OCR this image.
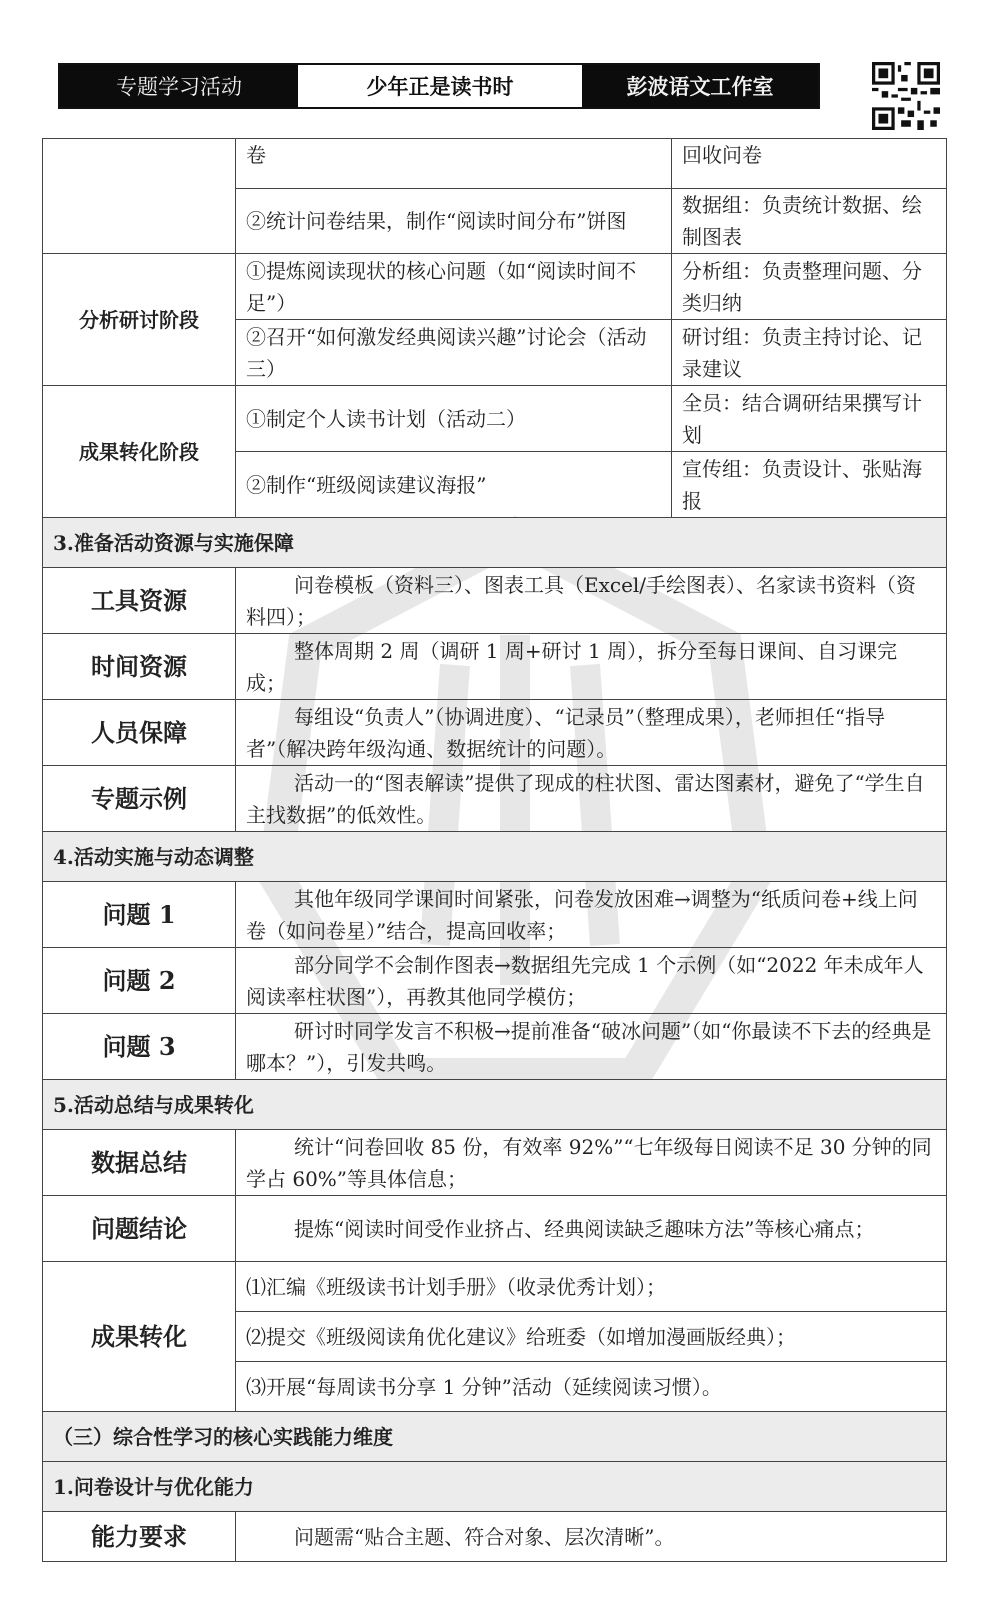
专题学习活动	少年正是读书时	彭波语文工作室
	卷	回收问卷
	②统计问卷结果，制作“阅读时间分布”饼图	数据组：负责统计数据、绘制图表
分析研讨阶段	①提炼阅读现状的核心问题（如“阅读时间不足”）	分析组：负责整理问题、分类归纳
	②召开“如何激发经典阅读兴趣”讨论会（活动三）	研讨组：负责主持讨论、记录建议
成果转化阶段	①制定个人读书计划（活动二）	全员：结合调研结果撰写计划
	②制作“班级阅读建议海报”	宣传组：负责设计、张贴海报
3.准备活动资源与实施保障		
工具资源	问卷模板（资料三）、图表工具（Excel/手绘图表）、名家读书资料（资料四）；	
时间资源	整体周期 2 周（调研 1 周+研讨 1 周），拆分至每日课间、自习课完成；	
人员保障	每组设“负责人”（协调进度）、“记录员”（整理成果），老师担任“指导者”（解决跨年级沟通、数据统计的问题）。	
专题示例	活动一的“图表解读”提供了现成的柱状图、雷达图素材，避免了“学生自主找数据”的低效性。	
4.活动实施与动态调整		
问题 1	其他年级同学课间时间紧张，问卷发放困难→调整为“纸质问卷+线上问卷（如问卷星）”结合，提高回收率；	
问题 2	部分同学不会制作图表→数据组先完成 1 个示例（如“2022 年未成年人阅读率柱状图”），再教其他同学模仿；	
问题 3	研讨时同学发言不积极→提前准备“破冰问题”（如“你最读不下去的经典是哪本？”），引发共鸣。	
5.活动总结与成果转化		
数据总结	统计“问卷回收 85 份，有效率 92%”“七年级每日阅读不足 30 分钟的同学占 60%”等具体信息；	
问题结论	提炼“阅读时间受作业挤占、经典阅读缺乏趣味方法”等核心痛点；	
成果转化	⑴汇编《班级读书计划手册》（收录优秀计划）；	
	⑵提交《班级阅读角优化建议》给班委（如增加漫画版经典）；	
	⑶开展“每周读书分享 1 分钟”活动（延续阅读习惯）。	
（三）综合性学习的核心实践能力维度		
1.问卷设计与优化能力		
能力要求	问题需“贴合主题、符合对象、层次清晰”。	
